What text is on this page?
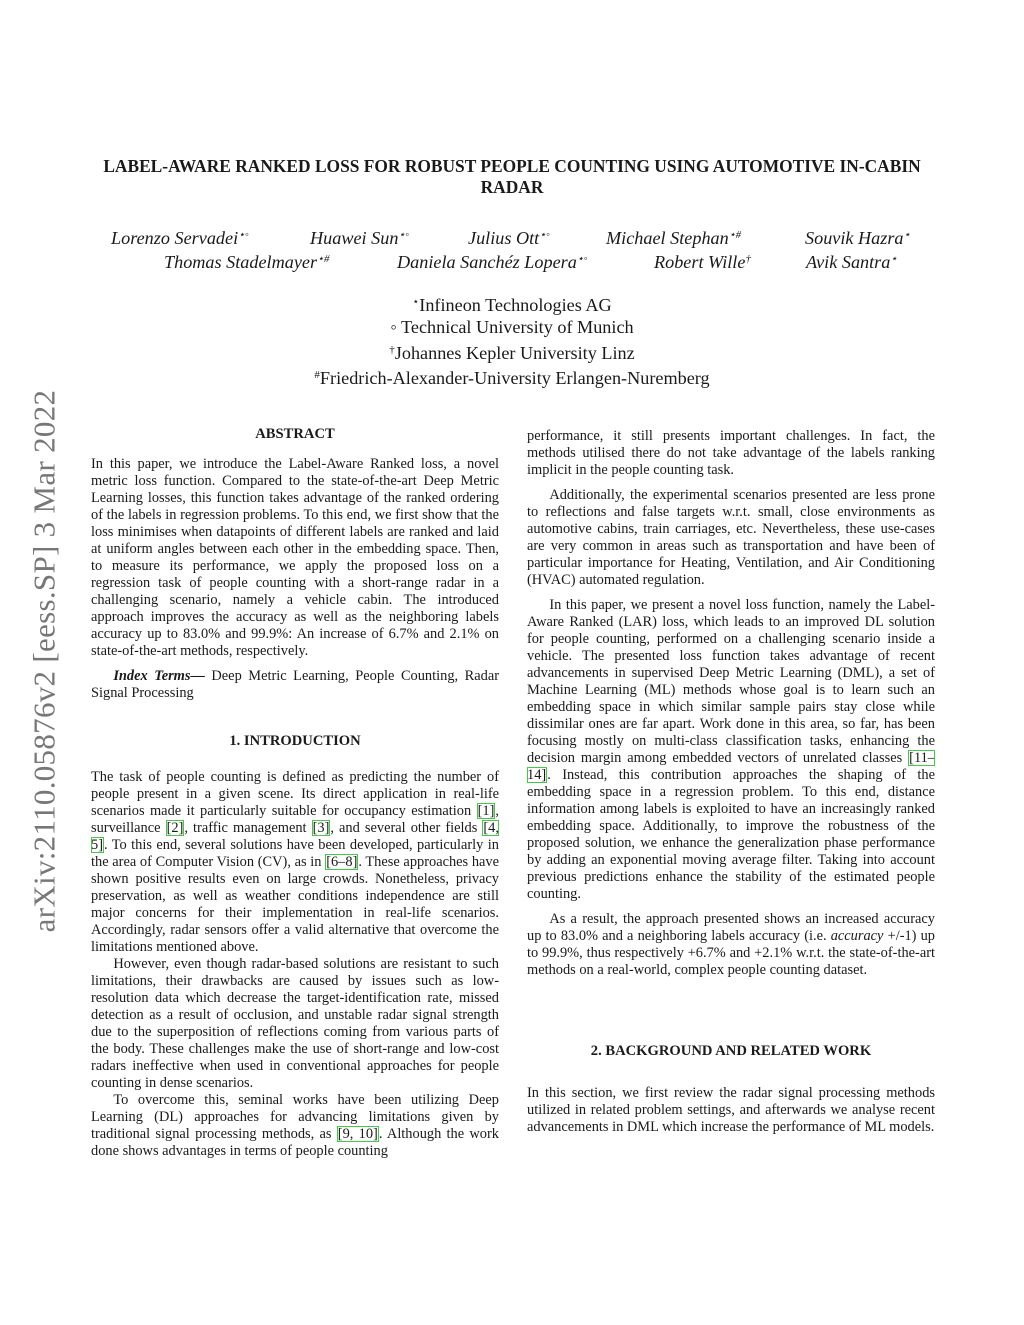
arXiv:2110.05876v2 [eess.SP] 3 Mar 2022
LABEL-AWARE RANKED LOSS FOR ROBUST PEOPLE COUNTING USING AUTOMOTIVE IN-CABIN RADAR
Lorenzo Servadei⋆◦	Huawei Sun⋆◦	Julius Ott⋆◦	Michael Stephan⋆#	Souvik Hazra⋆
Thomas Stadelmayer⋆#	Daniela Sanchéz Lopera⋆◦	Robert Wille†	Avik Santra⋆
⋆Infineon Technologies AG
◦ Technical University of Munich
†Johannes Kepler University Linz
#Friedrich-Alexander-University Erlangen-Nuremberg
ABSTRACT

In this paper, we introduce the Label-Aware Ranked loss, a novel metric loss function. Compared to the state-of-the-art Deep Metric Learning losses, this function takes advantage of the ranked ordering of the labels in regression problems. To this end, we first show that the loss minimises when datapoints of different labels are ranked and laid at uniform angles between each other in the embedding space. Then, to measure its performance, we apply the proposed loss on a regression task of people counting with a short-range radar in a challenging scenario, namely a vehicle cabin. The introduced approach improves the accuracy as well as the neighboring labels accuracy up to 83.0% and 99.9%: An increase of 6.7% and 2.1% on state-of-the-art methods, respectively.

Index Terms— Deep Metric Learning, People Counting, Radar Signal Processing

1. INTRODUCTION

The task of people counting is defined as predicting the number of people present in a given scene. Its direct application in real-life scenarios made it particularly suitable for occupancy estimation [1], surveillance [2], traffic management [3], and several other fields [4, 5]. To this end, several solutions have been developed, particularly in the area of Computer Vision (CV), as in [6–8]. These approaches have shown positive results even on large crowds. Nonetheless, privacy preservation, as well as weather conditions independence are still major concerns for their implementation in real-life scenarios. Accordingly, radar sensors offer a valid alternative that overcome the limitations mentioned above.

However, even though radar-based solutions are resistant to such limitations, their drawbacks are caused by issues such as low-resolution data which decrease the target-identification rate, missed detection as a result of occlusion, and unstable radar signal strength due to the superposition of reflections coming from various parts of the body. These challenges make the use of short-range and low-cost radars ineffective when used in conventional approaches for people counting in dense scenarios.

To overcome this, seminal works have been utilizing Deep Learning (DL) approaches for advancing limitations given by traditional signal processing methods, as [9, 10]. Although the work done shows advantages in terms of people counting

performance, it still presents important challenges. In fact, the methods utilised there do not take advantage of the labels ranking implicit in the people counting task.

Additionally, the experimental scenarios presented are less prone to reflections and false targets w.r.t. small, close environments as automotive cabins, train carriages, etc. Nevertheless, these use-cases are very common in areas such as transportation and have been of particular importance for Heating, Ventilation, and Air Conditioning (HVAC) automated regulation.

In this paper, we present a novel loss function, namely the Label-Aware Ranked (LAR) loss, which leads to an improved DL solution for people counting, performed on a challenging scenario inside a vehicle. The presented loss function takes advantage of recent advancements in supervised Deep Metric Learning (DML), a set of Machine Learning (ML) methods whose goal is to learn such an embedding space in which similar sample pairs stay close while dissimilar ones are far apart. Work done in this area, so far, has been focusing mostly on multi-class classification tasks, enhancing the decision margin among embedded vectors of unrelated classes [11–14]. Instead, this contribution approaches the shaping of the embedding space in a regression problem. To this end, distance information among labels is exploited to have an increasingly ranked embedding space. Additionally, to improve the robustness of the proposed solution, we enhance the generalization phase performance by adding an exponential moving average filter. Taking into account previous predictions enhance the stability of the estimated people counting.

As a result, the approach presented shows an increased accuracy up to 83.0% and a neighboring labels accuracy (i.e. accuracy +/-1) up to 99.9%, thus respectively +6.7% and +2.1% w.r.t. the state-of-the-art methods on a real-world, complex people counting dataset.

2. BACKGROUND AND RELATED WORK

In this section, we first review the radar signal processing methods utilized in related problem settings, and afterwards we analyse recent advancements in DML which increase the performance of ML models.
